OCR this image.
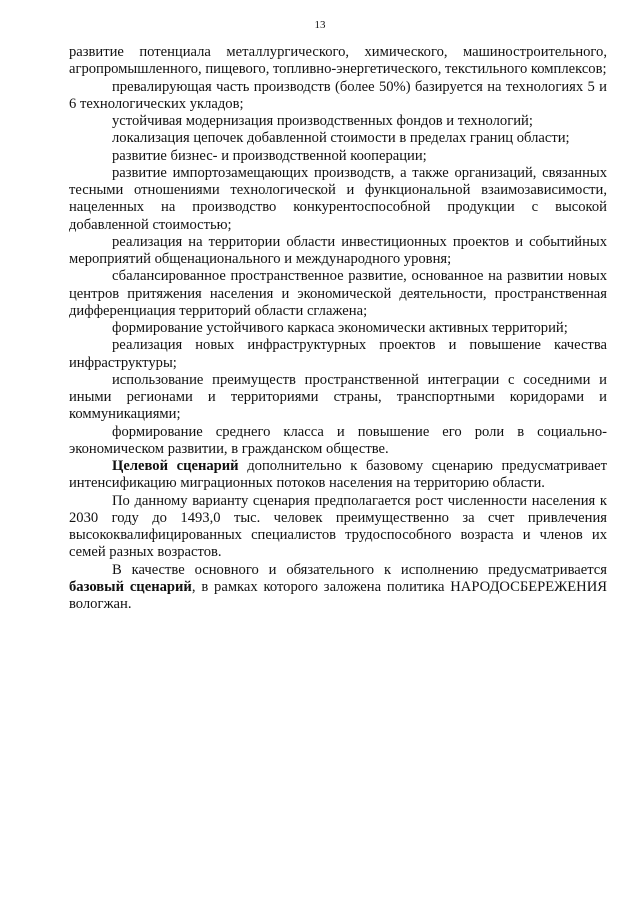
13

развитие потенциала металлургического, химического, машиностроительного, агропромышленного, пищевого, топливно-энергетического, текстильного комплексов;

превалирующая часть производств (более 50%) базируется на технологиях 5 и 6 технологических укладов;

устойчивая модернизация производственных фондов и технологий;

локализация цепочек добавленной стоимости в пределах границ области;

развитие бизнес- и производственной кооперации;

развитие импортозамещающих производств, а также организаций, связанных тесными отношениями технологической и функциональной взаимозависимости, нацеленных на производство конкурентоспособной продукции с высокой добавленной стоимостью;

реализация на территории области инвестиционных проектов и событийных мероприятий общенационального и международного уровня;

сбалансированное пространственное развитие, основанное на развитии новых центров притяжения населения и экономической деятельности, пространственная дифференциация территорий области сглажена;

формирование устойчивого каркаса экономически активных территорий;

реализация новых инфраструктурных проектов и повышение качества инфраструктуры;

использование преимуществ пространственной интеграции с соседними и иными регионами и территориями страны, транспортными коридорами и коммуникациями;

формирование среднего класса и повышение его роли в социально-экономическом развитии, в гражданском обществе.

Целевой сценарий дополнительно к базовому сценарию предусматривает интенсификацию миграционных потоков населения на территорию области.

По данному варианту сценария предполагается рост численности населения к 2030 году до 1493,0 тыс. человек преимущественно за счет привлечения высококвалифицированных специалистов трудоспособного возраста и членов их семей разных возрастов.

В качестве основного и обязательного к исполнению предусматривается базовый сценарий, в рамках которого заложена политика НАРОДОСБЕРЕЖЕНИЯ вологжан.
